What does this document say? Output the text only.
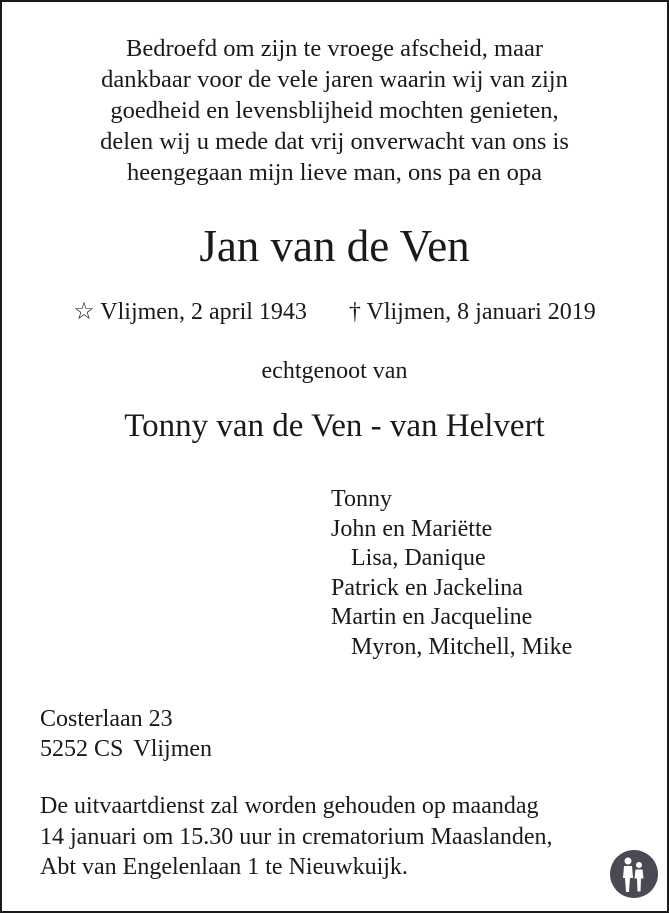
Bedroefd om zijn te vroege afscheid, maar
dankbaar voor de vele jaren waarin wij van zijn
goedheid en levensblijheid mochten genieten,
delen wij u mede dat vrij onverwacht van ons is
heengegaan mijn lieve man, ons pa en opa
Jan van de Ven
☆ Vlijmen, 2 april 1943 † Vlijmen, 8 januari 2019
echtgenoot van
Tonny van de Ven - van Helvert
Tonny
John en Mariëtte
Lisa, Danique
Patrick en Jackelina
Martin en Jacqueline
Myron, Mitchell, Mike
Costerlaan 23
5252 CS Vlijmen
De uitvaartdienst zal worden gehouden op maandag
14 januari om 15.30 uur in crematorium Maaslanden,
Abt van Engelenlaan 1 te Nieuwkuijk.
